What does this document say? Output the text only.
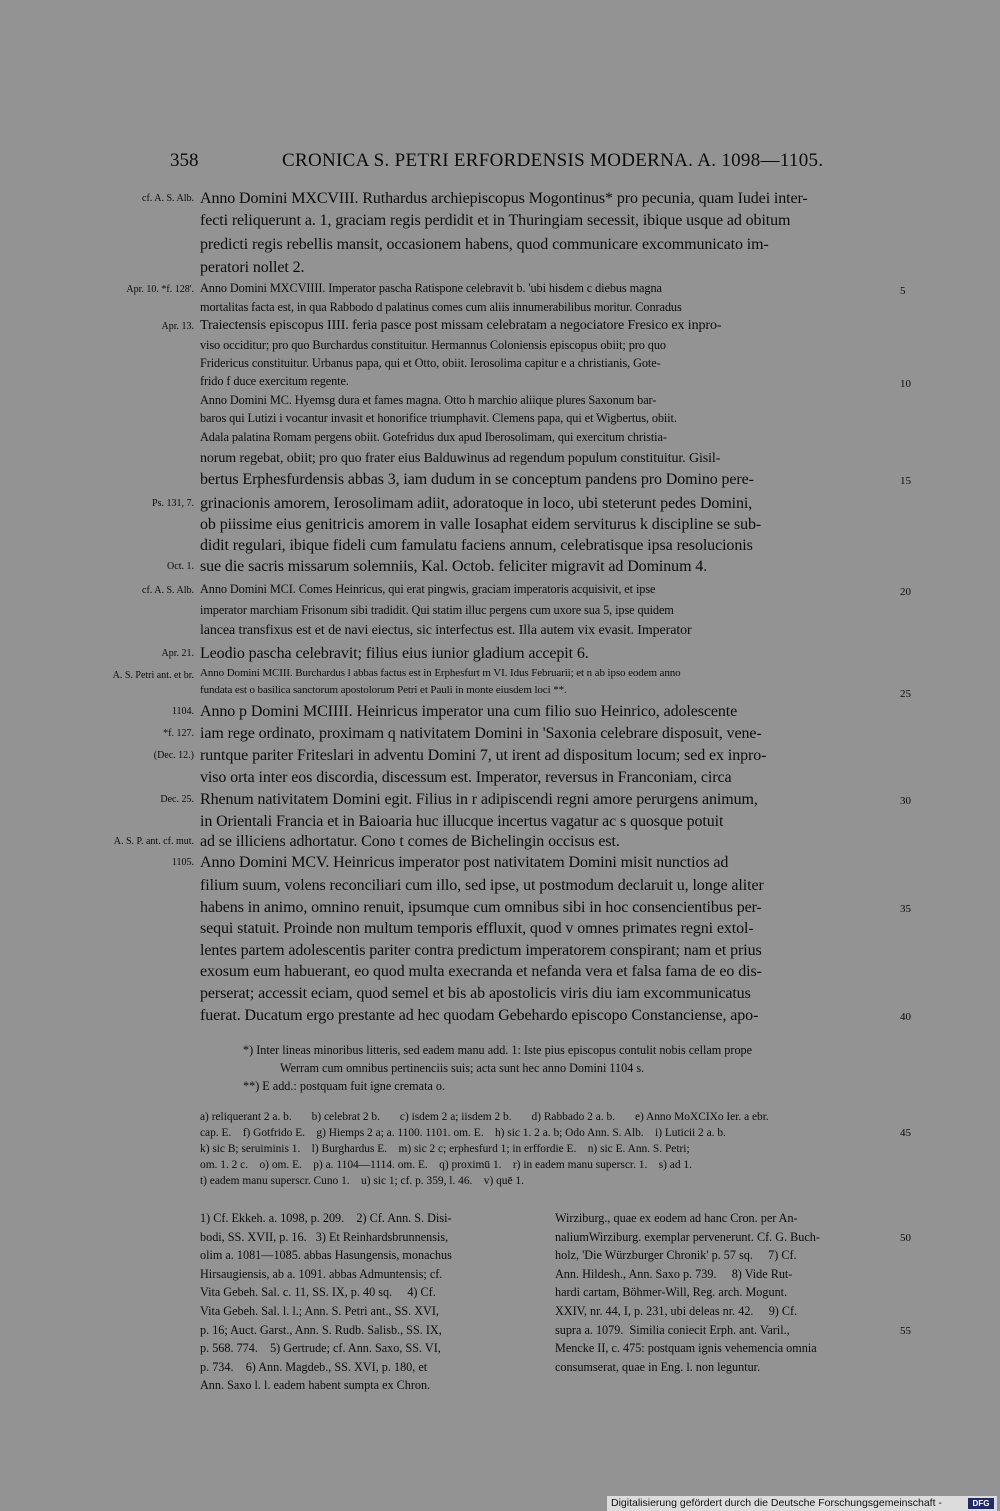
358	CRONICA S. PETRI ERFORDENSIS MODERNA. A. 1098—1105.
cf. A. S. Alb. Anno Domini MXCVIII. Ruthardus archiepiscopus Mogontinus* pro pecunia, quam Iudei inter-
fecti reliquerunt a. 1, graciam regis perdidit et in Thuringiam secessit, ibique usque ad obitum
predicti regis rebellis mansit, occasionem habens, quod communicare excommunicato im-
peratori nollet 2.
Apr. 10. *f. 128'. Anno Domini MXCVIIII. Imperator pascha Ratispone celebravit b. 'ubi hisdem c diebus magna	5
mortalitas facta est, in qua Rabbodo d palatinus comes cum aliis innumerabilibus moritur. Conradus
Apr. 13. Traiectensis episcopus IIII. feria pasce post missam celebratam a negociatore Fresico ex inpro-
viso occiditur; pro quo Burchardus constituitur. Hermannus Coloniensis episcopus obiit; pro quo
Fridericus constituitur. Urbanus papa, qui et Otto, obiit. Ierosolima capitur e a christianis, Gote-
frido f duce exercitum regente.	10
Anno Domini MC. Hyemsg dura et fames magna. Otto h marchio aliique plures Saxonum bar-
baros qui Lutizi i vocantur invasit et honorifice triumphavit. Clemens papa, qui et Wigbertus, obiit.
Adala palatina Romam pergens obiit. Gotefridus dux apud Iberosolimam, qui exercitum christia-
norum regebat, obiit; pro quo frater eius Balduwinus ad regendum populum constituitur. Gisil-
bertus Erphesfurdensis abbas 3, iam dudum in se conceptum pandens pro Domino pere-	15
Ps. 131, 7. grinacionis amorem, Ierosolimam adiit, adoratoque in loco, ubi steterunt pedes Domini,
ob piissime eius genitricis amorem in valle Iosaphat eidem serviturus k discipline se sub-
didit regulari, ibique fideli cum famulatu faciens annum, celebratisque ipsa resolucionis
Oct. 1. sue die sacris missarum solemniis, Kal. Octob. feliciter migravit ad Dominum 4.
cf. A. S. Alb. Anno Domini MCI. Comes Heinricus, qui erat pingwis, graciam imperatoris acquisivit, et ipse	20
imperator marchiam Frisonum sibi tradidit. Qui statim illuc pergens cum uxore sua 5, ipse quidem
lancea transfixus est et de navi eiectus, sic interfectus est. Illa autem vix evasit. Imperator
Apr. 21. Leodio pascha celebravit; filius eius iunior gladium accepit 6.
A. S. Petri ant. et br. Anno Domini MCIII. Burchardus l abbas factus est in Erphesfurt m VI. Idus Februarii; et n ab ipso eodem anno
fundata est o basilica sanctorum apostolorum Petri et Pauli in monte eiusdem loci **.	25
1104. Anno p Domini MCIIII. Heinricus imperator una cum filio suo Heinrico, adolescente
*f. 127. iam rege ordinato, proximam q nativitatem Domini in 'Saxonia celebrare disposuit, vene-
(Dec. 12.) runtque pariter Friteslari in adventu Domini 7, ut irent ad dispositum locum; sed ex inpro-
viso orta inter eos discordia, discessum est. Imperator, reversus in Franconiam, circa
Dec. 25. Rhenum nativitatem Domini egit. Filius in r adipiscendi regni amore perurgens animum,	30
in Orientali Francia et in Baioaria huc illucque incertus vagatur ac s quosque potuit
A. S. P. ant. cf. mut. ad se illiciens adhortatur. Cono t comes de Bichelingin occisus est.
1105. Anno Domini MCV. Heinricus imperator post nativitatem Domini misit nunctios ad
filium suum, volens reconciliari cum illo, sed ipse, ut postmodum declaruit u, longe aliter
habens in animo, omnino renuit, ipsumque cum omnibus sibi in hoc consencientibus per-	35
sequi statuit. Proinde non multum temporis effluxit, quod v omnes primates regni extol-
lentes partem adolescentis pariter contra predictum imperatorem conspirant; nam et prius
exosum eum habuerant, eo quod multa execranda et nefanda vera et falsa fama de eo dis-
perserat; accessit eciam, quod semel et bis ab apostolicis viris diu iam excommunicatus
fuerat. Ducatum ergo prestante ad hec quodam Gebehardo episcopo Constanciense, apo-	40
*) Inter lineas minoribus litteris, sed eadem manu add. 1: Iste pius episcopus contulit nobis cellam prope
Werram cum omnibus pertinenciis suis; acta sunt hec anno Domini 1104 s.
**) E add.: postquam fuit igne cremata o.
a) reliquerant 2 a. b.       b) celebrat 2 b.       c) isdem 2 a; iisdem 2 b.       d) Rabbado 2 a. b.       e) Anno MoXCIXo Ier. a ebr.
cap. E.    f) Gotfrido E.    g) Hiemps 2 a; a. 1100. 1101. om. E.    h) sic 1. 2 a. b; Odo Ann. S. Alb.    i) Luticii 2 a. b.	45
k) sic B; seruiminis 1.    l) Burghardus E.    m) sic 2 c; erphesfurd 1; in erffordie E.    n) sic E. Ann. S. Petri;
om. 1. 2 c.    o) om. E.    p) a. 1104—1114. om. E.    q) proximū 1.    r) in eadem manu superscr. 1.    s) ad 1.
t) eadem manu superscr. Cuno 1.    u) sic 1; cf. p. 359, l. 46.    v) quē 1.
1) Cf. Ekkeh. a. 1098, p. 209.    2) Cf. Ann. S. Disi-
bodi, SS. XVII, p. 16.   3) Et Reinhardsbrunnensis,
olim a. 1081—1085. abbas Hasungensis, monachus
Hirsaugiensis, ab a. 1091. abbas Admuntensis; cf.
Vita Gebeh. Sal. c. 11, SS. IX, p. 40 sq.     4) Cf.
Vita Gebeh. Sal. l. l.; Ann. S. Petri ant., SS. XVI,
p. 16; Auct. Garst., Ann. S. Rudb. Salisb., SS. IX,
p. 568. 774.    5) Gertrude; cf. Ann. Saxo, SS. VI,
p. 734.    6) Ann. Magdeb., SS. XVI, p. 180, et
Ann. Saxo l. l. eadem habent sumpta ex Chron.
Wirziburg., quae ex eodem ad hanc Cron. per An-
naliumWirziburg. exemplar pervenerunt. Cf. G. Buch-	50
holz, 'Die Würzburger Chronik' p. 57 sq.     7) Cf.
Ann. Hildesh., Ann. Saxo p. 739.     8) Vide Rut-
hardi cartam, Böhmer-Will, Reg. arch. Mogunt.
XXIV, nr. 44, I, p. 231, ubi deleas nr. 42.     9) Cf.
supra a. 1079.  Similia coniecit Erph. ant. Varil.,	55
Mencke II, c. 475: postquam ignis vehemencia omnia
consumserat, quae in Eng. l. non leguntur.
Digitalisierung gefördert durch die Deutsche Forschungsgemeinschaft -	DFG
